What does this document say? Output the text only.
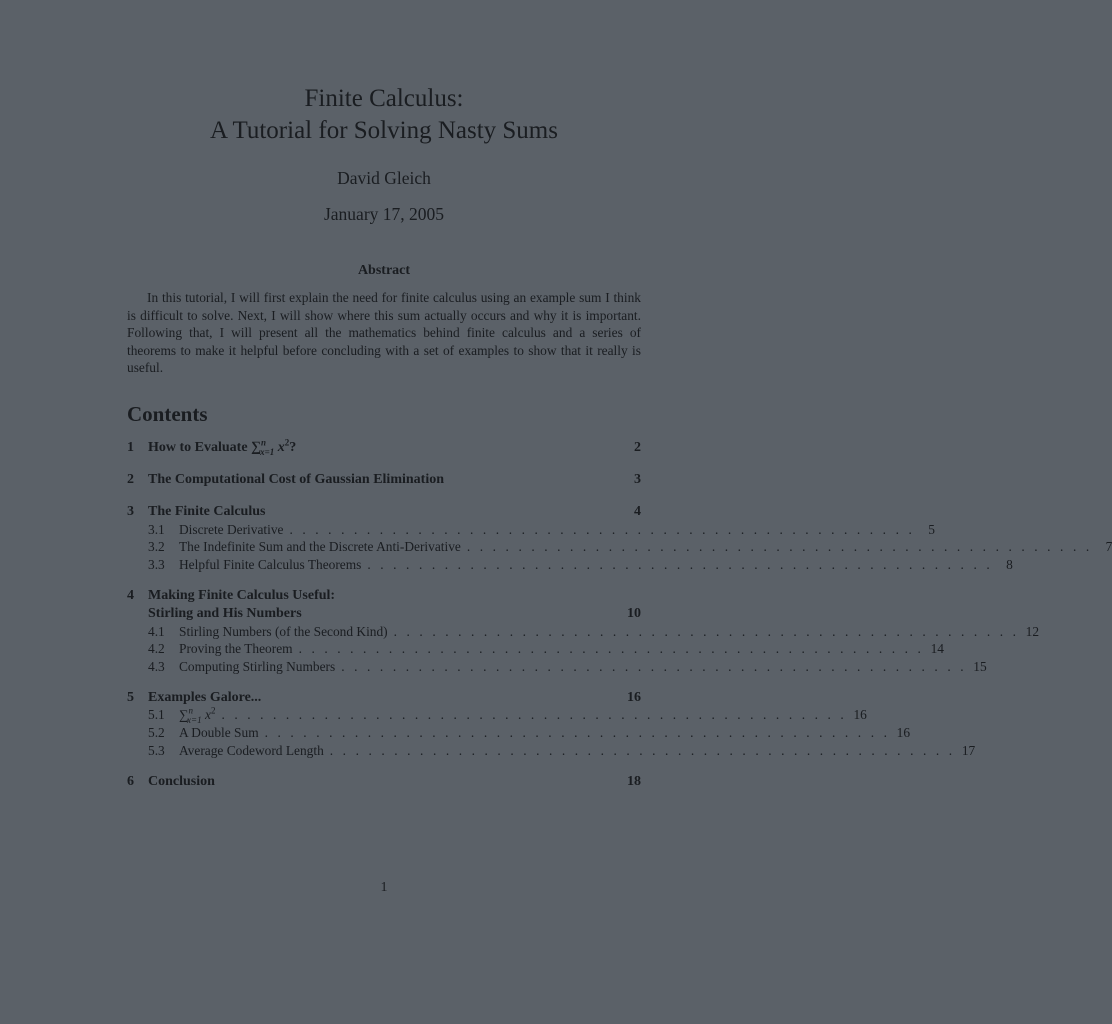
Finite Calculus:
A Tutorial for Solving Nasty Sums
David Gleich
January 17, 2005
Abstract

In this tutorial, I will first explain the need for finite calculus using an example sum I think is difficult to solve. Next, I will show where this sum actually occurs and why it is important. Following that, I will present all the mathematics behind finite calculus and a series of theorems to make it helpful before concluding with a set of examples to show that it really is useful.

Contents
1	How to Evaluate ∑$^n_{x=1}$ $x^2$?	2
2	The Computational Cost of Gaussian Elimination	3
3	The Finite Calculus	4
3.1	Discrete Derivative . . . . . . . . . . . . . . . . . . . . . . . . . . . . . . . . . . . . . . . . . . . . . . . . . 5
3.2	The Indefinite Sum and the Discrete Anti-Derivative . . . . . . . . . . . . . . . . . . . . . . . . . . . . . . . . . . . . . . . . . . . . . . . . . 7
3.3	Helpful Finite Calculus Theorems . . . . . . . . . . . . . . . . . . . . . . . . . . . . . . . . . . . . . . . . . . . . . . . . . 8
4	Making Finite Calculus Useful:
Stirling and His Numbers	10
4.1	Stirling Numbers (of the Second Kind) . . . . . . . . . . . . . . . . . . . . . . . . . . . . . . . . . . . . . . . . . . . . . . . . . 12
4.2	Proving the Theorem . . . . . . . . . . . . . . . . . . . . . . . . . . . . . . . . . . . . . . . . . . . . . . . . . 14
4.3	Computing Stirling Numbers . . . . . . . . . . . . . . . . . . . . . . . . . . . . . . . . . . . . . . . . . . . . . . . . . 15
5	Examples Galore...	16
5.1	∑$^n_{x=1}$ $x^2$ . . . . . . . . . . . . . . . . . . . . . . . . . . . . . . . . . . . . . . . . . . . . . . . . . 16
5.2	A Double Sum . . . . . . . . . . . . . . . . . . . . . . . . . . . . . . . . . . . . . . . . . . . . . . . . . 16
5.3	Average Codeword Length . . . . . . . . . . . . . . . . . . . . . . . . . . . . . . . . . . . . . . . . . . . . . . . . . 17
6	Conclusion	18
1
